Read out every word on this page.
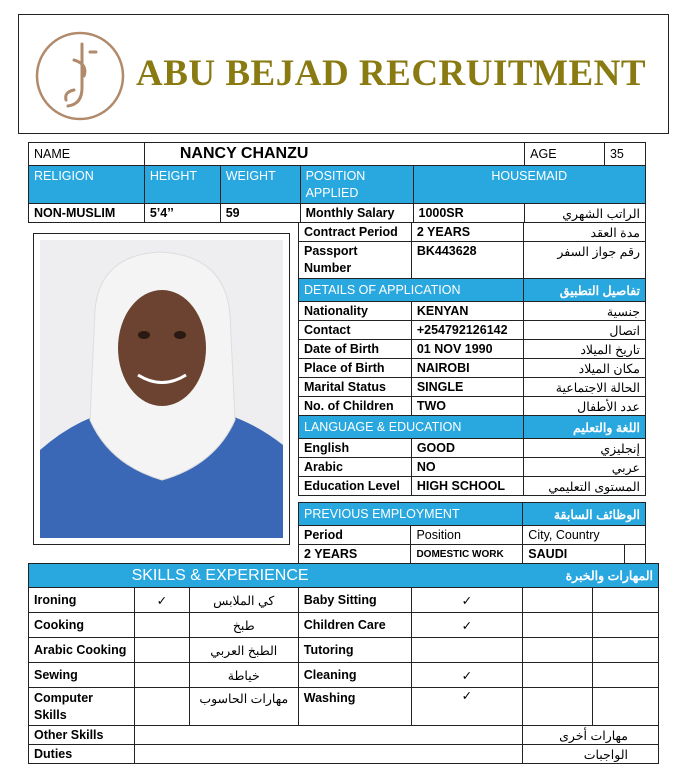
ABU BEJAD RECRUITMENT
NAME	NANCY CHANZU				AGE	35
RELIGION	HEIGHT	WEIGHT	POSITION
APPLIED	HOUSEMAID		
NON-MUSLIM	5’4’’	59	Monthly Salary	1000SR	الراتب الشهري	
Contract Period	2 YEARS	مدة العقد

Passport
Number	BK443628	رقم جواز السفر
DETAILS OF APPLICATION		تفاصيل التطبيق
Nationality	KENYAN	جنسية
Contact	+254792126142	اتصال
Date of Birth	01 NOV 1990	تاريخ الميلاد
Place of Birth	NAIROBI	مكان الميلاد
Marital Status	SINGLE	الحالة الاجتماعية
No. of Children	TWO	عدد الأطفال
LANGUAGE & EDUCATION		اللغة والتعليم
English	GOOD	إنجليزي
Arabic	NO	عربي
Education Level	HIGH SCHOOL	المستوى التعليمي
PREVIOUS EMPLOYMENT		الوظائف السابقة	
Period	Position	City, Country	
2 YEARS	DOMESTIC WORK	SAUDI	
SKILLS & EXPERIENCE				المهارات والخبرة		
Ironing	✓	كي الملابس	Baby Sitting	✓		
Cooking		طبخ	Children Care	✓		
Arabic Cooking		الطبخ العربي	Tutoring			
Sewing		خياطة	Cleaning	✓		

Computer
Skills		مهارات الحاسوب	Washing	✓		
Other Skills					مهارات أخرى	
Duties					الواجبات	
